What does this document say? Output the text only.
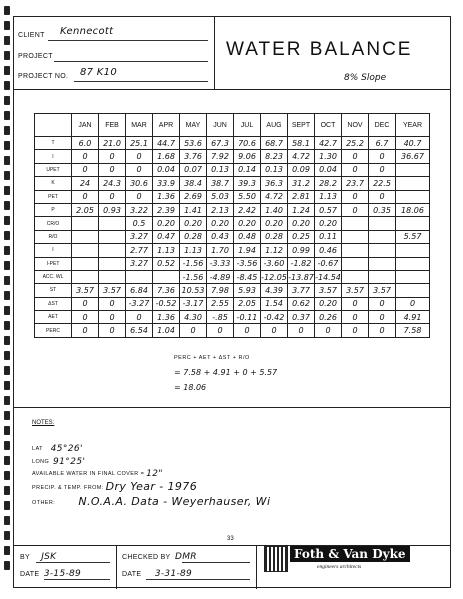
CLIENT Kennecott
PROJECT
PROJECT NO. 87 K10
WATER BALANCE
8% Slope
	JAN	FEB	MAR	APR	MAY	JUN	JUL	AUG	SEPT	OCT	NOV	DEC	YEAR
T	6.0	21.0	25.1	44.7	53.6	67.3	70.6	68.7	58.1	42.7	25.2	6.7	40.7
I	0	0	0	1.68	3.76	7.92	9.06	8.23	4.72	1.30	0	0	36.67
UPET	0	0	0	0.04	0.07	0.13	0.14	0.13	0.09	0.04	0	0	
K	24	24.3	30.6	33.9	38.4	38.7	39.3	36.3	31.2	28.2	23.7	22.5	
PET	0	0	0	1.36	2.69	5.03	5.50	4.72	2.81	1.13	0	0	
P	2.05	0.93	3.22	2.39	1.41	2.13	2.42	1.40	1.24	0.57	0	0.35	18.06
CR/O			0.5	0.20	0.20	0.20	0.20	0.20	0.20	0.20			
R/O			3.27	0.47	0.28	0.43	0.48	0.28	0.25	0.11			5.57
I			2.77	1.13	1.13	1.70	1.94	1.12	0.99	0.46			
I-PET			3.27	0.52	-1.56	-3.33	-3.56	-3.60	-1.82	-0.67			
ACC. WL					-1.56	-4.89	-8.45	-12.05	-13.87	-14.54			
ST	3.57	3.57	6.84	7.36	10.53	7.98	5.93	4.39	3.77	3.57	3.57	3.57	
ΔST	0	0	-3.27	-0.52	-3.17	2.55	2.05	1.54	0.62	0.20	0	0	0
AET	0	0	0	1.36	4.30	-.85	-0.11	-0.42	0.37	0.26	0	0	4.91
PERC	0	0	6.54	1.04	0	0	0	0	0	0	0	0	7.58
PERC + AET + ΔST + R/O
= 7.58 + 4.91 + 0 + 5.57
= 18.06
NOTES:
LAT 45°26'
LONG 91°25'
AVAILABLE WATER IN FINAL COVER = 12"
PRECIP. & TEMP. FROM: Dry Year - 1976
OTHER: N.O.A.A. Data - Weyerhauser, Wi
33
BY JSK
DATE 3-15-89
CHECKED BY DMR
DATE 3-31-89
Foth & Van Dyke
engineers architects
